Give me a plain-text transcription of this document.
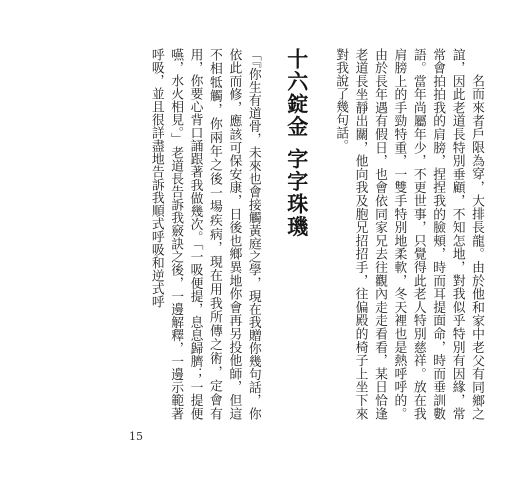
名而來者戶限為穿，大排長龍。由於他和家中老父有同鄉之誼，因此老道長特別垂顧，不知怎地，對我似乎特別有因緣，常常會拍拍我的肩膀，捏捏我的臉頰，時而耳提面命，時而垂訓數語。當年尚屬年少，不更世事，只覺得此老人特別慈祥。放在我肩膀上的手勁特重，一雙手特別地柔軟，冬天裡也是熱呼呼的。由於長年遇有假日，也會依同家兄去往觀內走走看看，某日恰逢老道長坐靜出關，他向我及胞兄招招手，往偏殿的椅子上坐下來對我說了幾句話。

十六錠金字字珠璣

「『你生有道骨，未來也會接觸黃庭之學，現在我贈你幾句話，你依此而修，應該可保安康，日後也鄉異地你會再另投他師，但這不相牴觸，你兩年之後一場疾病，現在用我所傳之術，定會有用，你要心背口誦跟著我做幾次。「一吸便提，息息歸臍；一提便嚥，水火相見。」老道長告訴我竅訣之後，一邊解釋，一邊示範著呼吸，並且很詳盡地告訴我順式呼吸和逆式呼

15
